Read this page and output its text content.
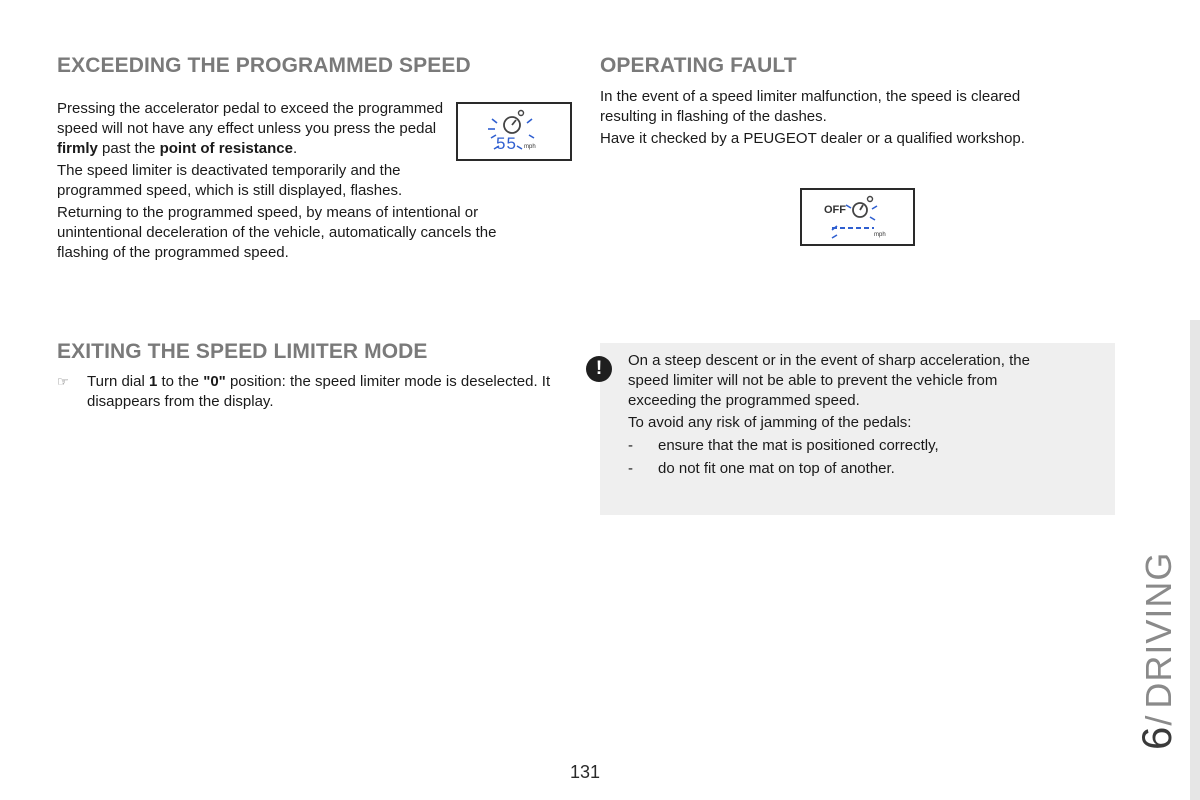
EXCEEDING THE PROGRAMMED SPEED

Pressing the accelerator pedal to exceed the programmed speed will not have any effect unless you press the pedal firmly past the point of resistance.

The speed limiter is deactivated temporarily and the programmed speed, which is still displayed, flashes.

Returning to the programmed speed, by means of intentional or unintentional deceleration of the vehicle, automatically cancels the flashing of the programmed speed.

55 mph
EXITING THE SPEED LIMITER MODE
☞	Turn dial 1 to the "0" position: the speed limiter mode is deselected. It disappears from the display.

OPERATING FAULT

In the event of a speed limiter malfunction, the speed is cleared resulting in flashing of the dashes.

Have it checked by a PEUGEOT dealer or a qualified workshop.

OFF
mph
!	On a steep descent or in the event of sharp acceleration, the speed limiter will not be able to prevent the vehicle from exceeding the programmed speed.

To avoid any risk of jamming of the pedals:

-	ensure that the mat is positioned correctly,
-	do not fit one mat on top of another.
6/DRIVING
131
